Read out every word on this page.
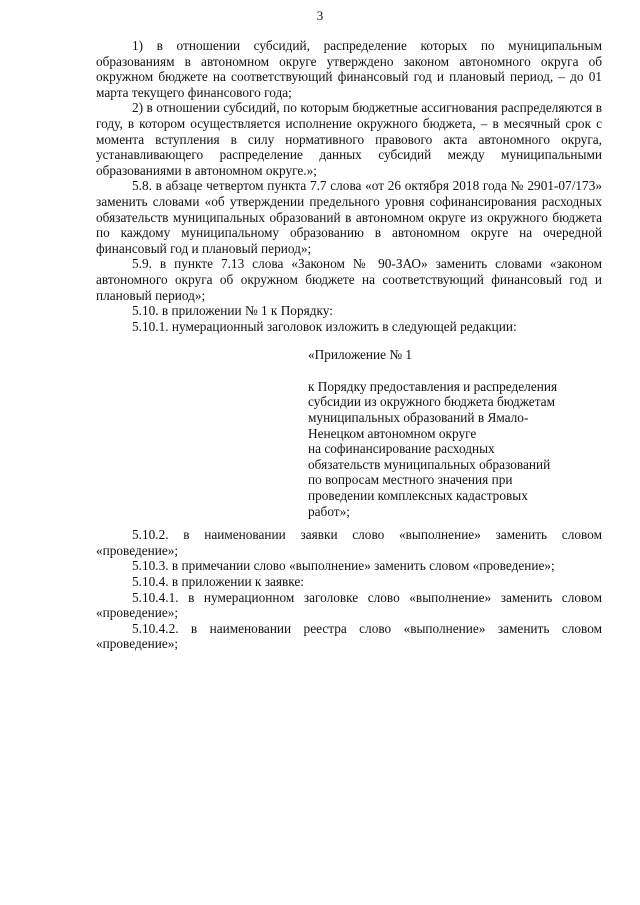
3

1) в отношении субсидий, распределение которых по муниципальным образованиям в автономном округе утверждено законом автономного округа об окружном бюджете на соответствующий финансовый год и плановый период, – до 01 марта текущего финансового года;

2) в отношении субсидий, по которым бюджетные ассигнования распределяются в году, в котором осуществляется исполнение окружного бюджета, – в месячный срок с момента вступления в силу нормативного правового акта автономного округа, устанавливающего распределение данных субсидий между муниципальными образованиями в автономном округе.»;

5.8. в абзаце четвертом пункта 7.7 слова «от 26 октября 2018 года № 2901-07/173» заменить словами «об утверждении предельного уровня софинансирования расходных обязательств муниципальных образований в автономном округе из окружного бюджета по каждому муниципальному образованию в автономном округе на очередной финансовый год и плановый период»;

5.9. в пункте 7.13 слова «Законом № 90-ЗАО» заменить словами «законом автономного округа об окружном бюджете на соответствующий финансовый год и плановый период»;

5.10. в приложении № 1 к Порядку:

5.10.1. нумерационный заголовок изложить в следующей редакции:

«Приложение № 1

к Порядку предоставления и распределения

субсидии из окружного бюджета бюджетам

муниципальных образований в Ямало-

Ненецком автономном округе

на софинансирование расходных

обязательств муниципальных образований

по вопросам местного значения при

проведении комплексных кадастровых

работ»;

5.10.2. в наименовании заявки слово «выполнение» заменить словом «проведение»;

5.10.3. в примечании слово «выполнение» заменить словом «проведение»;

5.10.4. в приложении к заявке:

5.10.4.1. в нумерационном заголовке слово «выполнение» заменить словом «проведение»;

5.10.4.2. в наименовании реестра слово «выполнение» заменить словом «проведение»;
